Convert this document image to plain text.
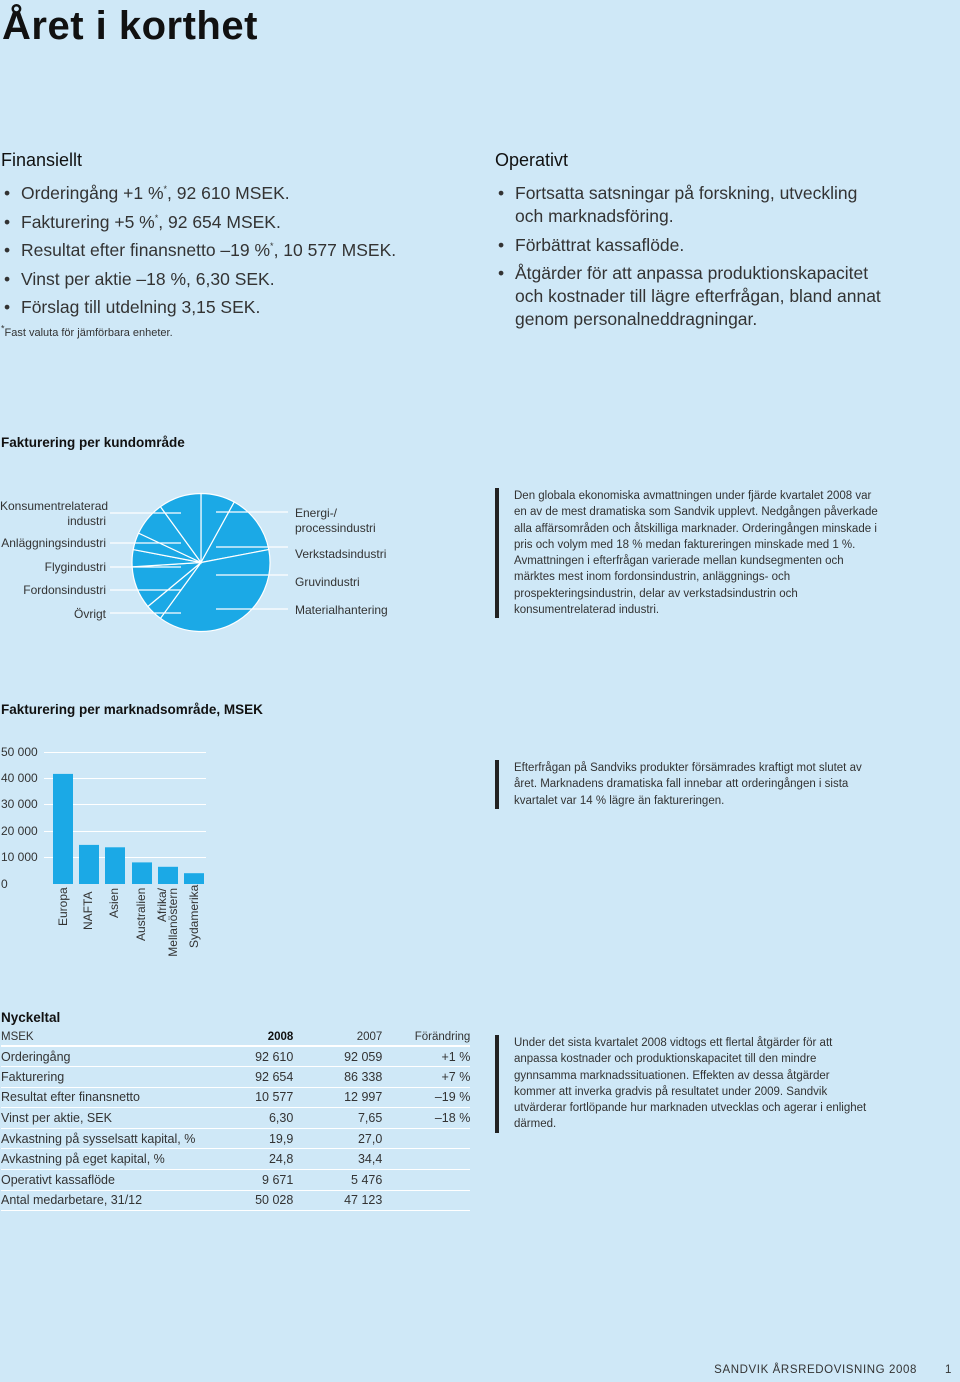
Året i korthet
Finansiellt
• Orderingång +1 %*, 92 610 MSEK.
• Fakturering +5 %*, 92 654 MSEK.
• Resultat efter finansnetto –19 %*, 10 577 MSEK.
• Vinst per aktie –18 %, 6,30 SEK.
• Förslag till utdelning 3,15 SEK.
*Fast valuta för jämförbara enheter.
Operativt
• Fortsatta satsningar på forskning, utveckling och marknadsföring.
• Förbättrat kassaflöde.
• Åtgärder för att anpassa produktionskapacitet och kostnader till lägre efterfrågan, bland annat genom personalneddragningar.
Fakturering per kundområde
Konsumentrelaterad industri
Anläggningsindustri
Flygindustri
Fordonsindustri
Övrigt
Energi-/ processindustri
Verkstadsindustri
Gruvindustri
Materialhantering
Den globala ekonomiska avmattningen under fjärde kvartalet 2008 var en av de mest dramatiska som Sandvik upplevt. Nedgången påverkade alla affärsområden och åtskilliga marknader. Orderingången minskade i pris och volym med 18 % medan faktureringen minskade med 1 %. Avmattningen i efterfrågan varierade mellan kundsegmenten och märktes mest inom fordonsindustrin, anläggnings- och prospekteringsindustrin, delar av verkstadsindustrin och konsumentrelaterad industri.
Fakturering per marknadsområde, MSEK
50 000
40 000
30 000
20 000
10 000
0
Europa NAFTA Asien Australien Afrika/ Mellanöstern Sydamerika
Efterfrågan på Sandviks produkter försämrades kraftigt mot slutet av året. Marknadens dramatiska fall innebar att orderingången i sista kvartalet var 14 % lägre än faktureringen.
Nyckeltal
MSEK	2008	2007	Förändring
Orderingång	92 610	92 059	+1 %
Fakturering	92 654	86 338	+7 %
Resultat efter finansnetto	10 577	12 997	–19 %
Vinst per aktie, SEK	6,30	7,65	–18 %
Avkastning på sysselsatt kapital, %	19,9	27,0	
Avkastning på eget kapital, %	24,8	34,4	
Operativt kassaflöde	9 671	5 476	
Antal medarbetare, 31/12	50 028	47 123	
Under det sista kvartalet 2008 vidtogs ett flertal åtgärder för att anpassa kostnader och produktionskapacitet till den mindre gynnsamma marknadssituationen. Effekten av dessa åtgärder kommer att inverka gradvis på resultatet under 2009. Sandvik utvärderar fortlöpande hur marknaden utvecklas och agerar i enlighet därmed.
SANDVIK ÅRSREDOVISNING 2008 1
